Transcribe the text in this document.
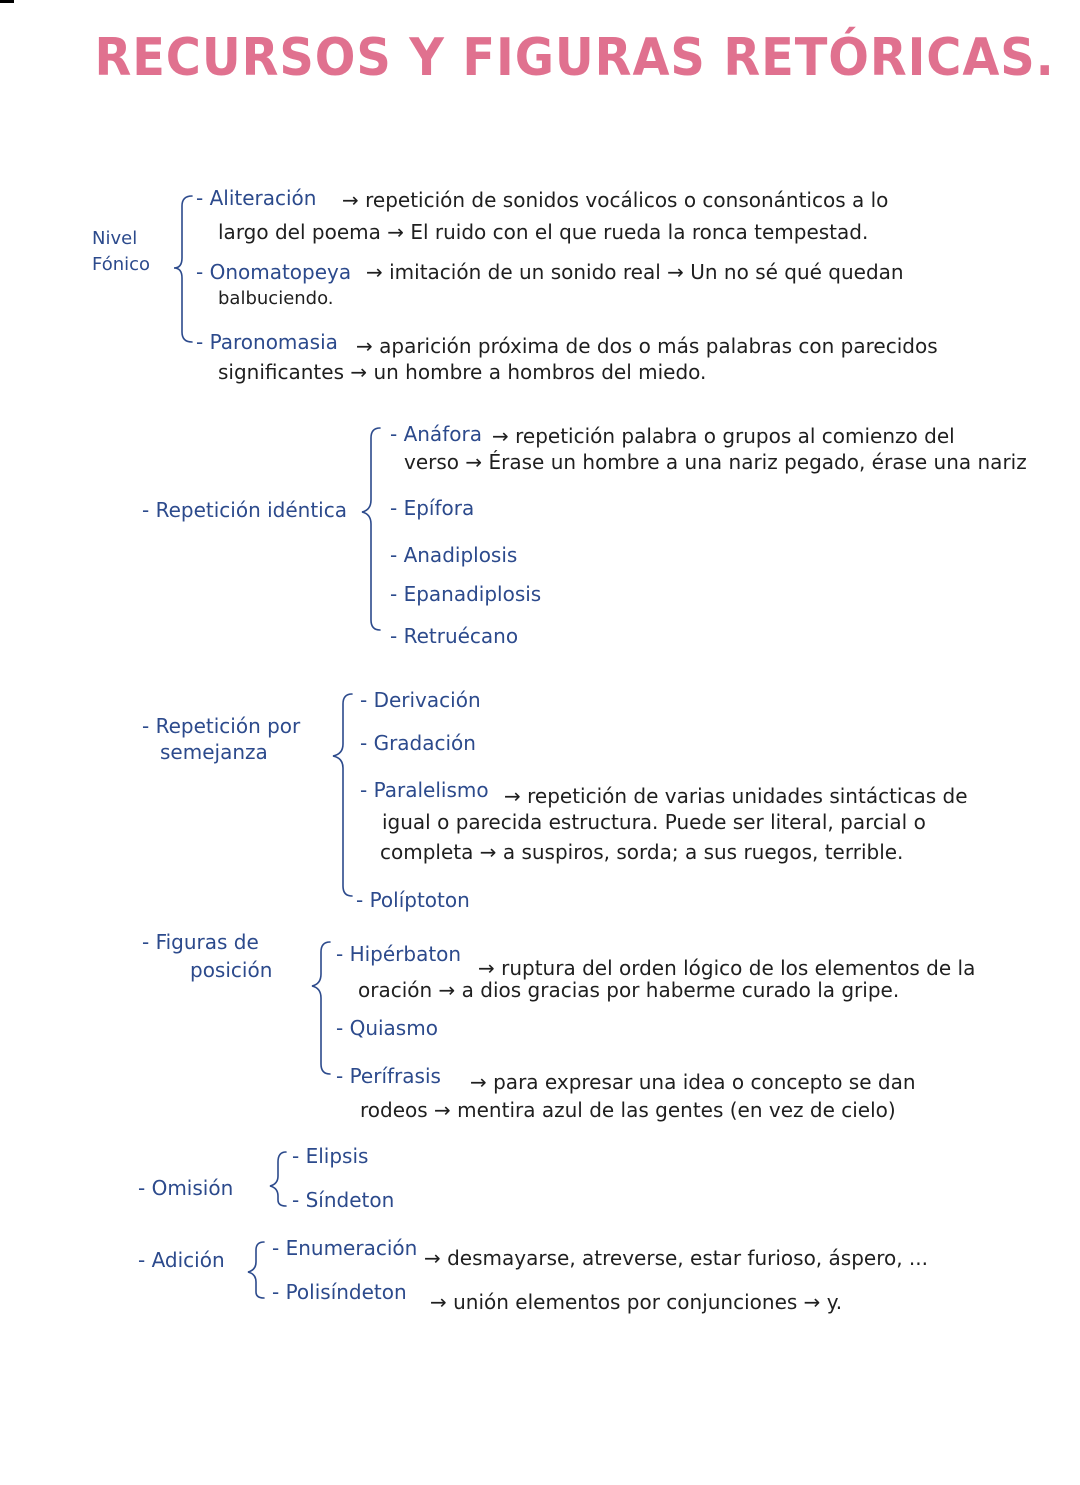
RECURSOS Y FIGURAS RETÓRICAS.
Nivel
Fónico
- Aliteración → repetición de sonidos vocálicos o consonánticos a lo
largo del poema → El ruido con el que rueda la ronca tempestad.
- Onomatopeya → imitación de un sonido real → Un no sé qué quedan
balbuciendo.
- Paronomasia → aparición próxima de dos o más palabras con parecidos
significantes → un hombre a hombros del miedo.
- Repetición idéntica
- Anáfora → repetición palabra o grupos al comienzo del
verso → Érase un hombre a una nariz pegado, érase una nariz
- Epífora
- Anadiplosis
- Epanadiplosis
- Retruécano
- Repetición por
semejanza
- Derivación
- Gradación
- Paralelismo → repetición de varias unidades sintácticas de
igual o parecida estructura. Puede ser literal, parcial o
completa → a suspiros, sorda; a sus ruegos, terrible.
- Políptoton
- Figuras de
posición
- Hipérbaton
→ ruptura del orden lógico de los elementos de la
oración → a dios gracias por haberme curado la gripe.
- Quiasmo
- Perífrasis → para expresar una idea o concepto se dan
rodeos → mentira azul de las gentes (en vez de cielo)
- Omisión
- Elipsis
- Síndeton
- Adición - Enumeración → desmayarse, atreverse, estar furioso, áspero, ...
- Polisíndeton → unión elementos por conjunciones → y.
